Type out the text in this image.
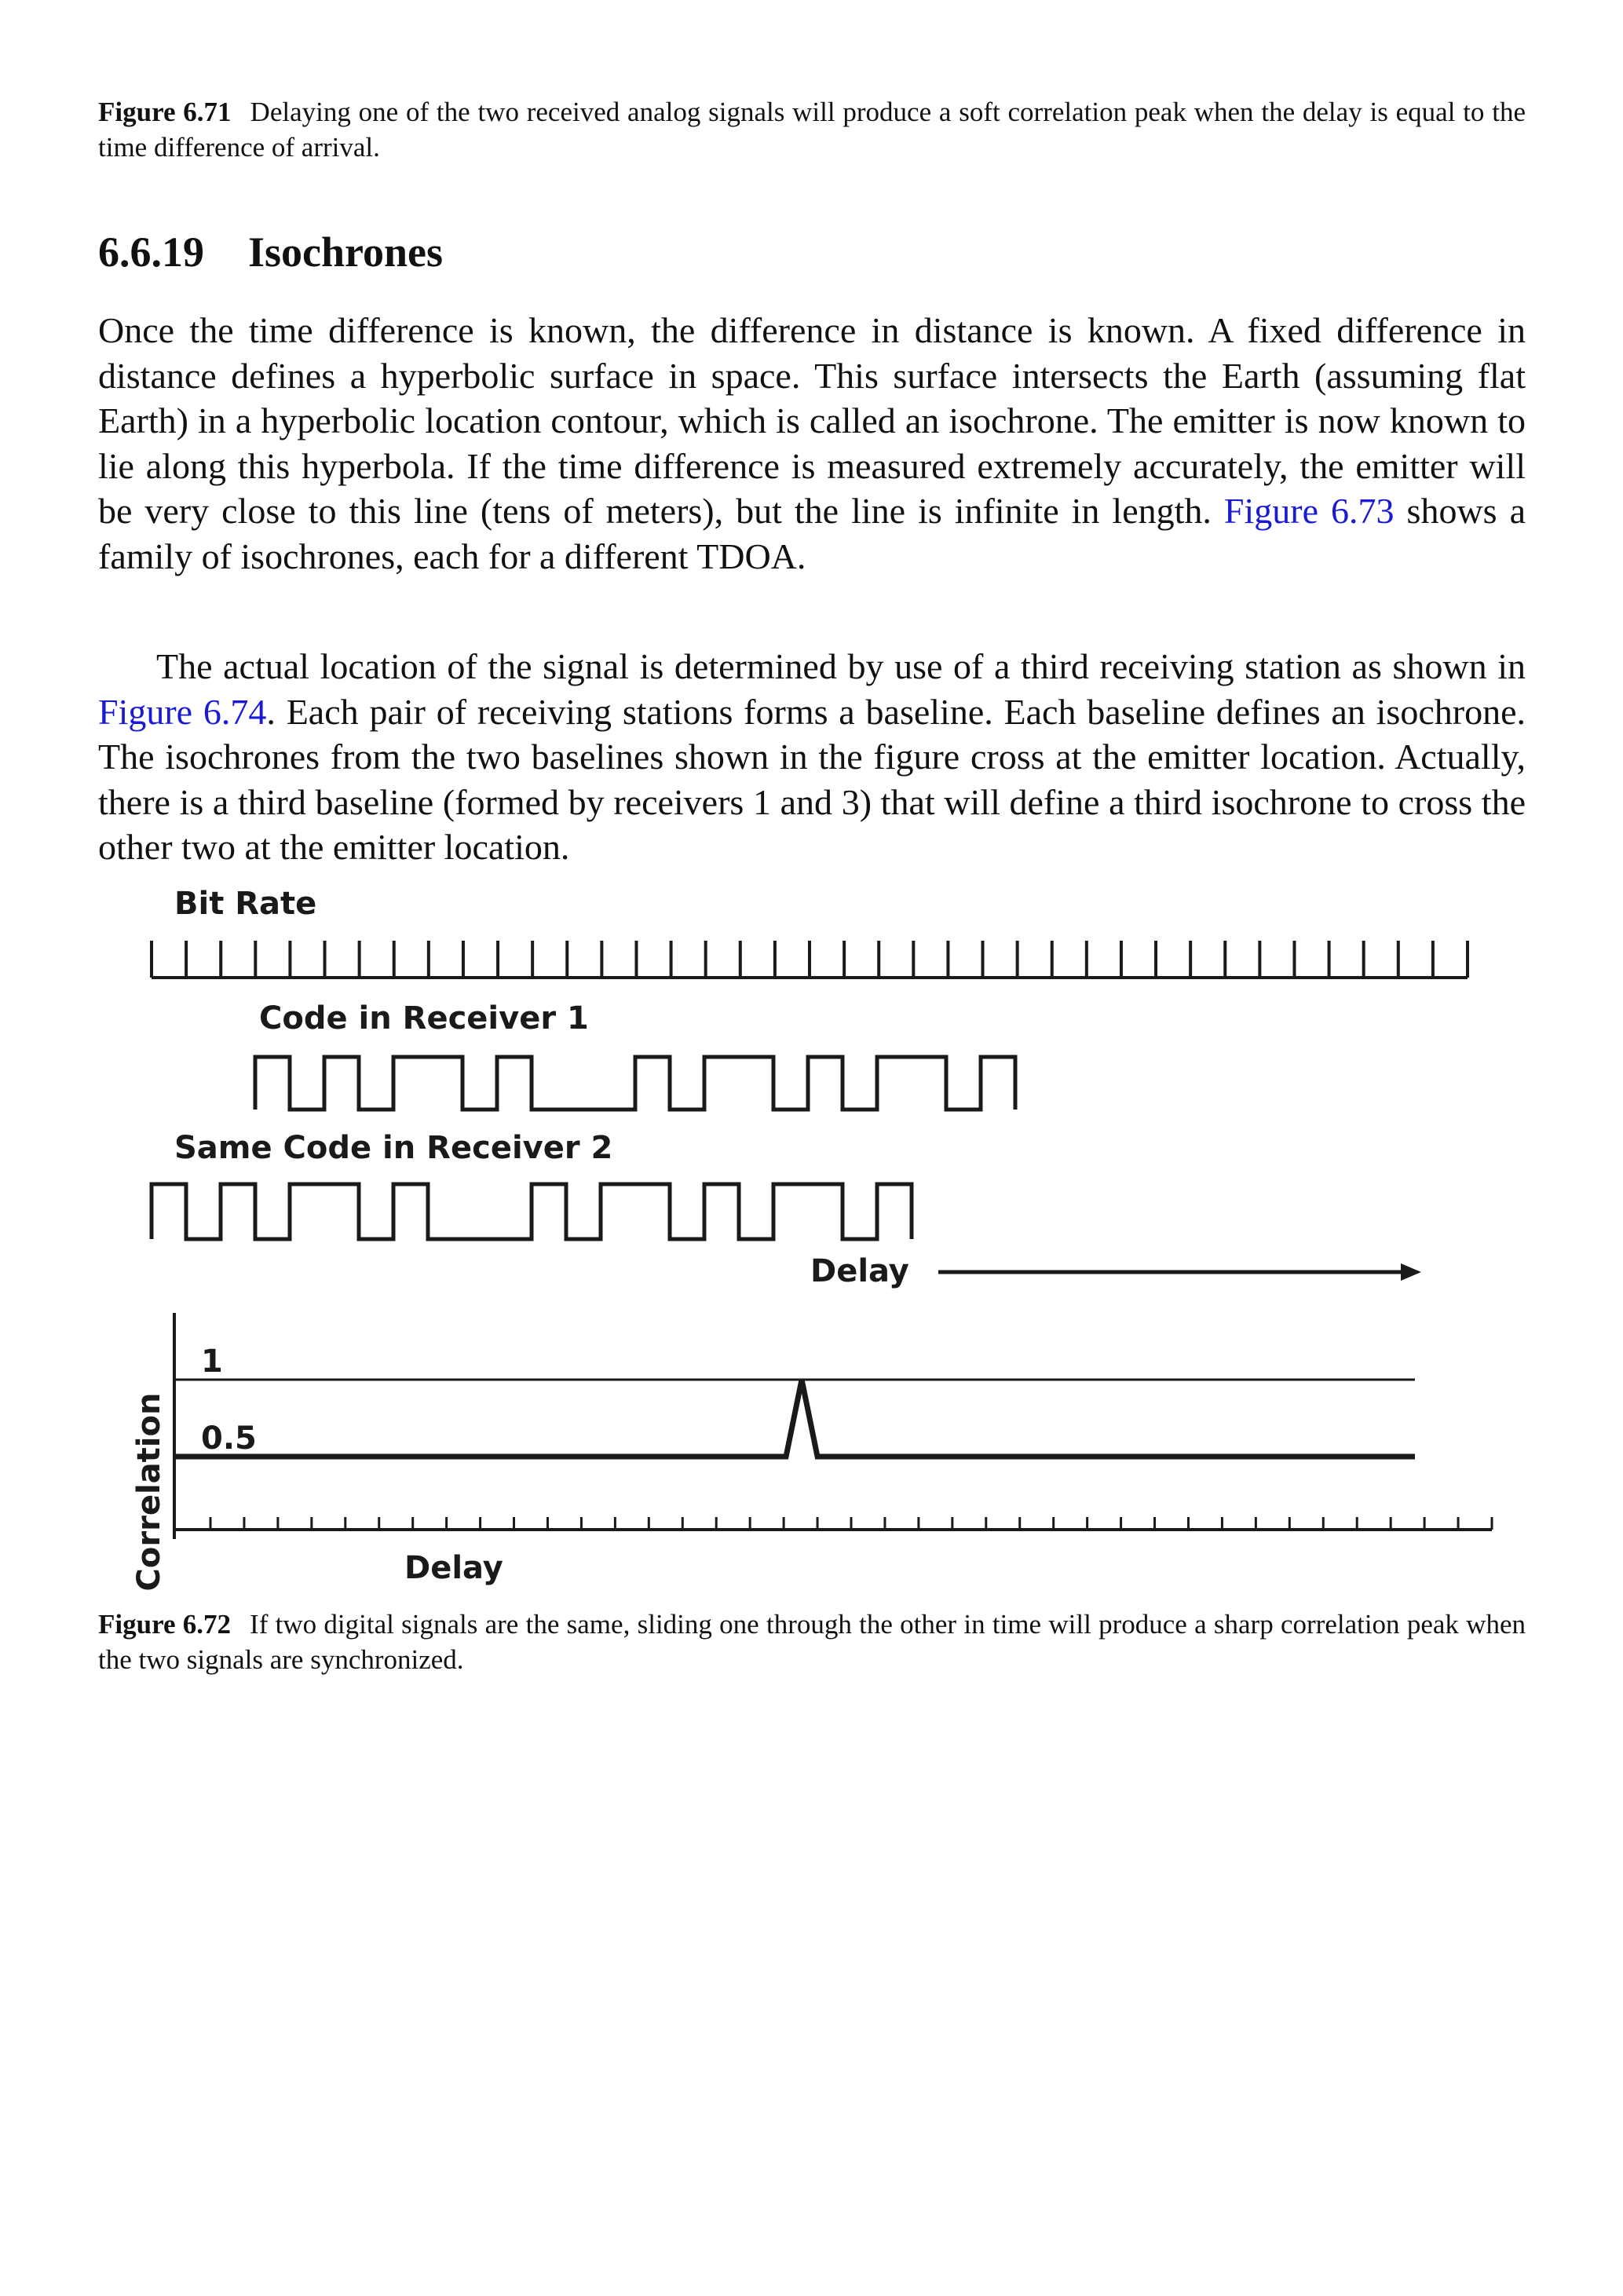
Figure 6.71 Delaying one of the two received analog signals will produce a soft correlation peak when the delay is equal to the time difference of arrival.
6.6.19 Isochrones

Once the time difference is known, the difference in distance is known. A fixed difference in distance defines a hyperbolic surface in space. This surface intersects the Earth (assuming flat Earth) in a hyperbolic location contour, which is called an isochrone. The emitter is now known to lie along this hyperbola. If the time difference is measured extremely accurately, the emitter will be very close to this line (tens of meters), but the line is infinite in length. Figure 6.73 shows a family of isochrones, each for a different TDOA.

The actual location of the signal is determined by use of a third receiving station as shown in Figure 6.74. Each pair of receiving stations forms a baseline. Each baseline defines an isochrone. The isochrones from the two baselines shown in the figure cross at the emitter location. Actually, there is a third baseline (formed by receivers 1 and 3) that will define a third isochrone to cross the other two at the emitter location.

Bit Rate
Code in Receiver 1
Same Code in Receiver 2
Delay
Correlation
1
0.5
Delay
Figure 6.72 If two digital signals are the same, sliding one through the other in time will produce a sharp correlation peak when the two signals are synchronized.
